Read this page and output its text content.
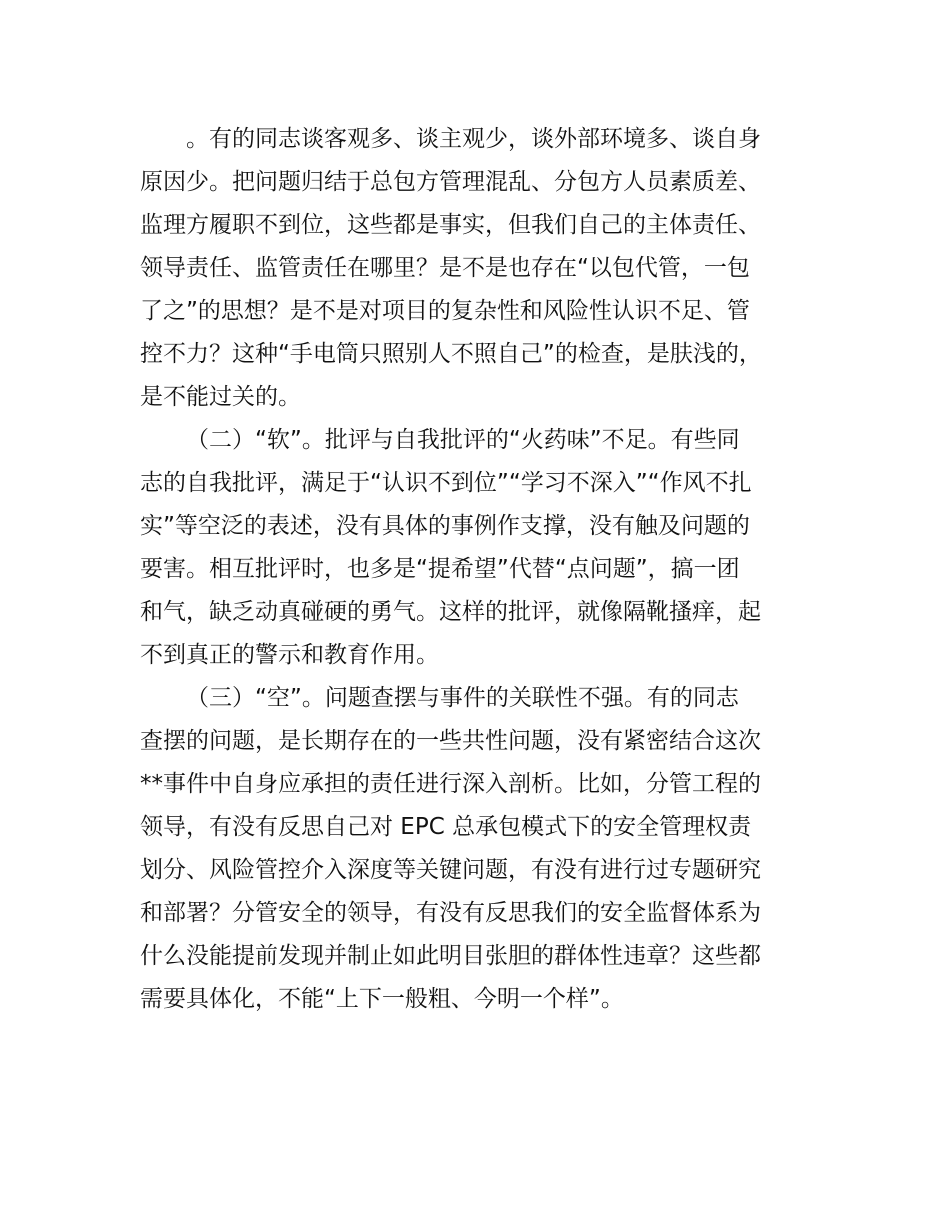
。有的同志谈客观多、谈主观少，谈外部环境多、谈自身
原因少。把问题归结于总包方管理混乱、分包方人员素质差、
监理方履职不到位，这些都是事实，但我们自己的主体责任、
领导责任、监管责任在哪里？是不是也存在“以包代管，一包
了之”的思想？是不是对项目的复杂性和风险性认识不足、管
控不力？这种“手电筒只照别人不照自己”的检查，是肤浅的，
是不能过关的。
（二）“软”。批评与自我批评的“火药味”不足。有些同
志的自我批评，满足于“认识不到位”“学习不深入”“作风不扎
实”等空泛的表述，没有具体的事例作支撑，没有触及问题的
要害。相互批评时，也多是“提希望”代替“点问题”，搞一团
和气，缺乏动真碰硬的勇气。这样的批评，就像隔靴搔痒，起
不到真正的警示和教育作用。
（三）“空”。问题查摆与事件的关联性不强。有的同志
查摆的问题，是长期存在的一些共性问题，没有紧密结合这次
**事件中自身应承担的责任进行深入剖析。比如，分管工程的
领导，有没有反思自己对 EPC 总承包模式下的安全管理权责
划分、风险管控介入深度等关键问题，有没有进行过专题研究
和部署？分管安全的领导，有没有反思我们的安全监督体系为
什么没能提前发现并制止如此明目张胆的群体性违章？这些都
需要具体化，不能“上下一般粗、今明一个样”。
